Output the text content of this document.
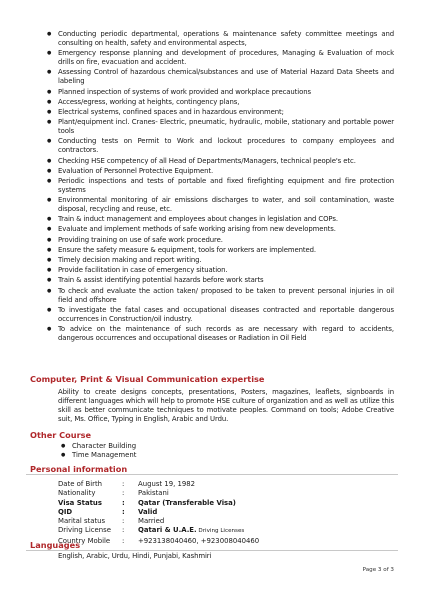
● Conducting periodic departmental, operations & maintenance safety committee meetings and consulting on health, safety and environmental aspects,
● Emergency response planning and development of procedures, Managing & Evaluation of mock drills on fire, evacuation and accident.
● Assessing Control of hazardous chemical/substances and use of Material Hazard Data Sheets and labeling
● Planned inspection of systems of work provided and workplace precautions
● Access/egress, working at heights, contingency plans,
● Electrical systems, confined spaces and in hazardous environment;
● Plant/equipment incl. Cranes- Electric, pneumatic, hydraulic, mobile, stationary and portable power tools
● Conducting tests on Permit to Work and lockout procedures to company employees and contractors.
● Checking HSE competency of all Head of Departments/Managers, technical people's etc.
● Evaluation of Personnel Protective Equipment.
● Periodic inspections and tests of portable and fixed firefighting equipment and fire protection systems
● Environmental monitoring of air emissions discharges to water, and soil contamination, waste disposal, recycling and reuse, etc.
● Train & induct management and employees about changes in legislation and COPs.
● Evaluate and implement methods of safe working arising from new developments.
● Providing training on use of safe work procedure.
● Ensure the safety measure & equipment, tools for workers are implemented.
● Timely decision making and report writing.
● Provide facilitation in case of emergency situation.
● Train & assist identifying potential hazards before work starts
● To check and evaluate the action taken/ proposed to be taken to prevent personal injuries in oil field and offshore
● To investigate the fatal cases and occupational diseases contracted and reportable dangerous occurrences in Construction/oil industry.
● To advice on the maintenance of such records as are necessary with regard to accidents, dangerous occurrences and occupational diseases or Radiation in Oil Field
Computer, Print & Visual Communication expertise
Ability to create designs concepts, presentations, Posters, magazines, leaflets, signboards in different languages which will help to promote HSE culture of organization and as well as utilize this skill as better communicate techniques to motivate peoples. Command on tools; Adobe Creative suit, Ms. Office, Typing in English, Arabic and Urdu.
Other Course
● Character Building
● Time Management
Personal information
Date of Birth	:	August 19, 1982
Nationality	:	Pakistani
Visa Status	:	Qatar (Transferable Visa)
QID	:	Valid
Marital status	:	Married
Driving License	:	Qatari & U.A.E. Driving Licenses
Country Mobile	:	+923138040460, +923008040460
Languages
English, Arabic, Urdu, Hindi, Punjabi, Kashmiri
Page 3 of 3
